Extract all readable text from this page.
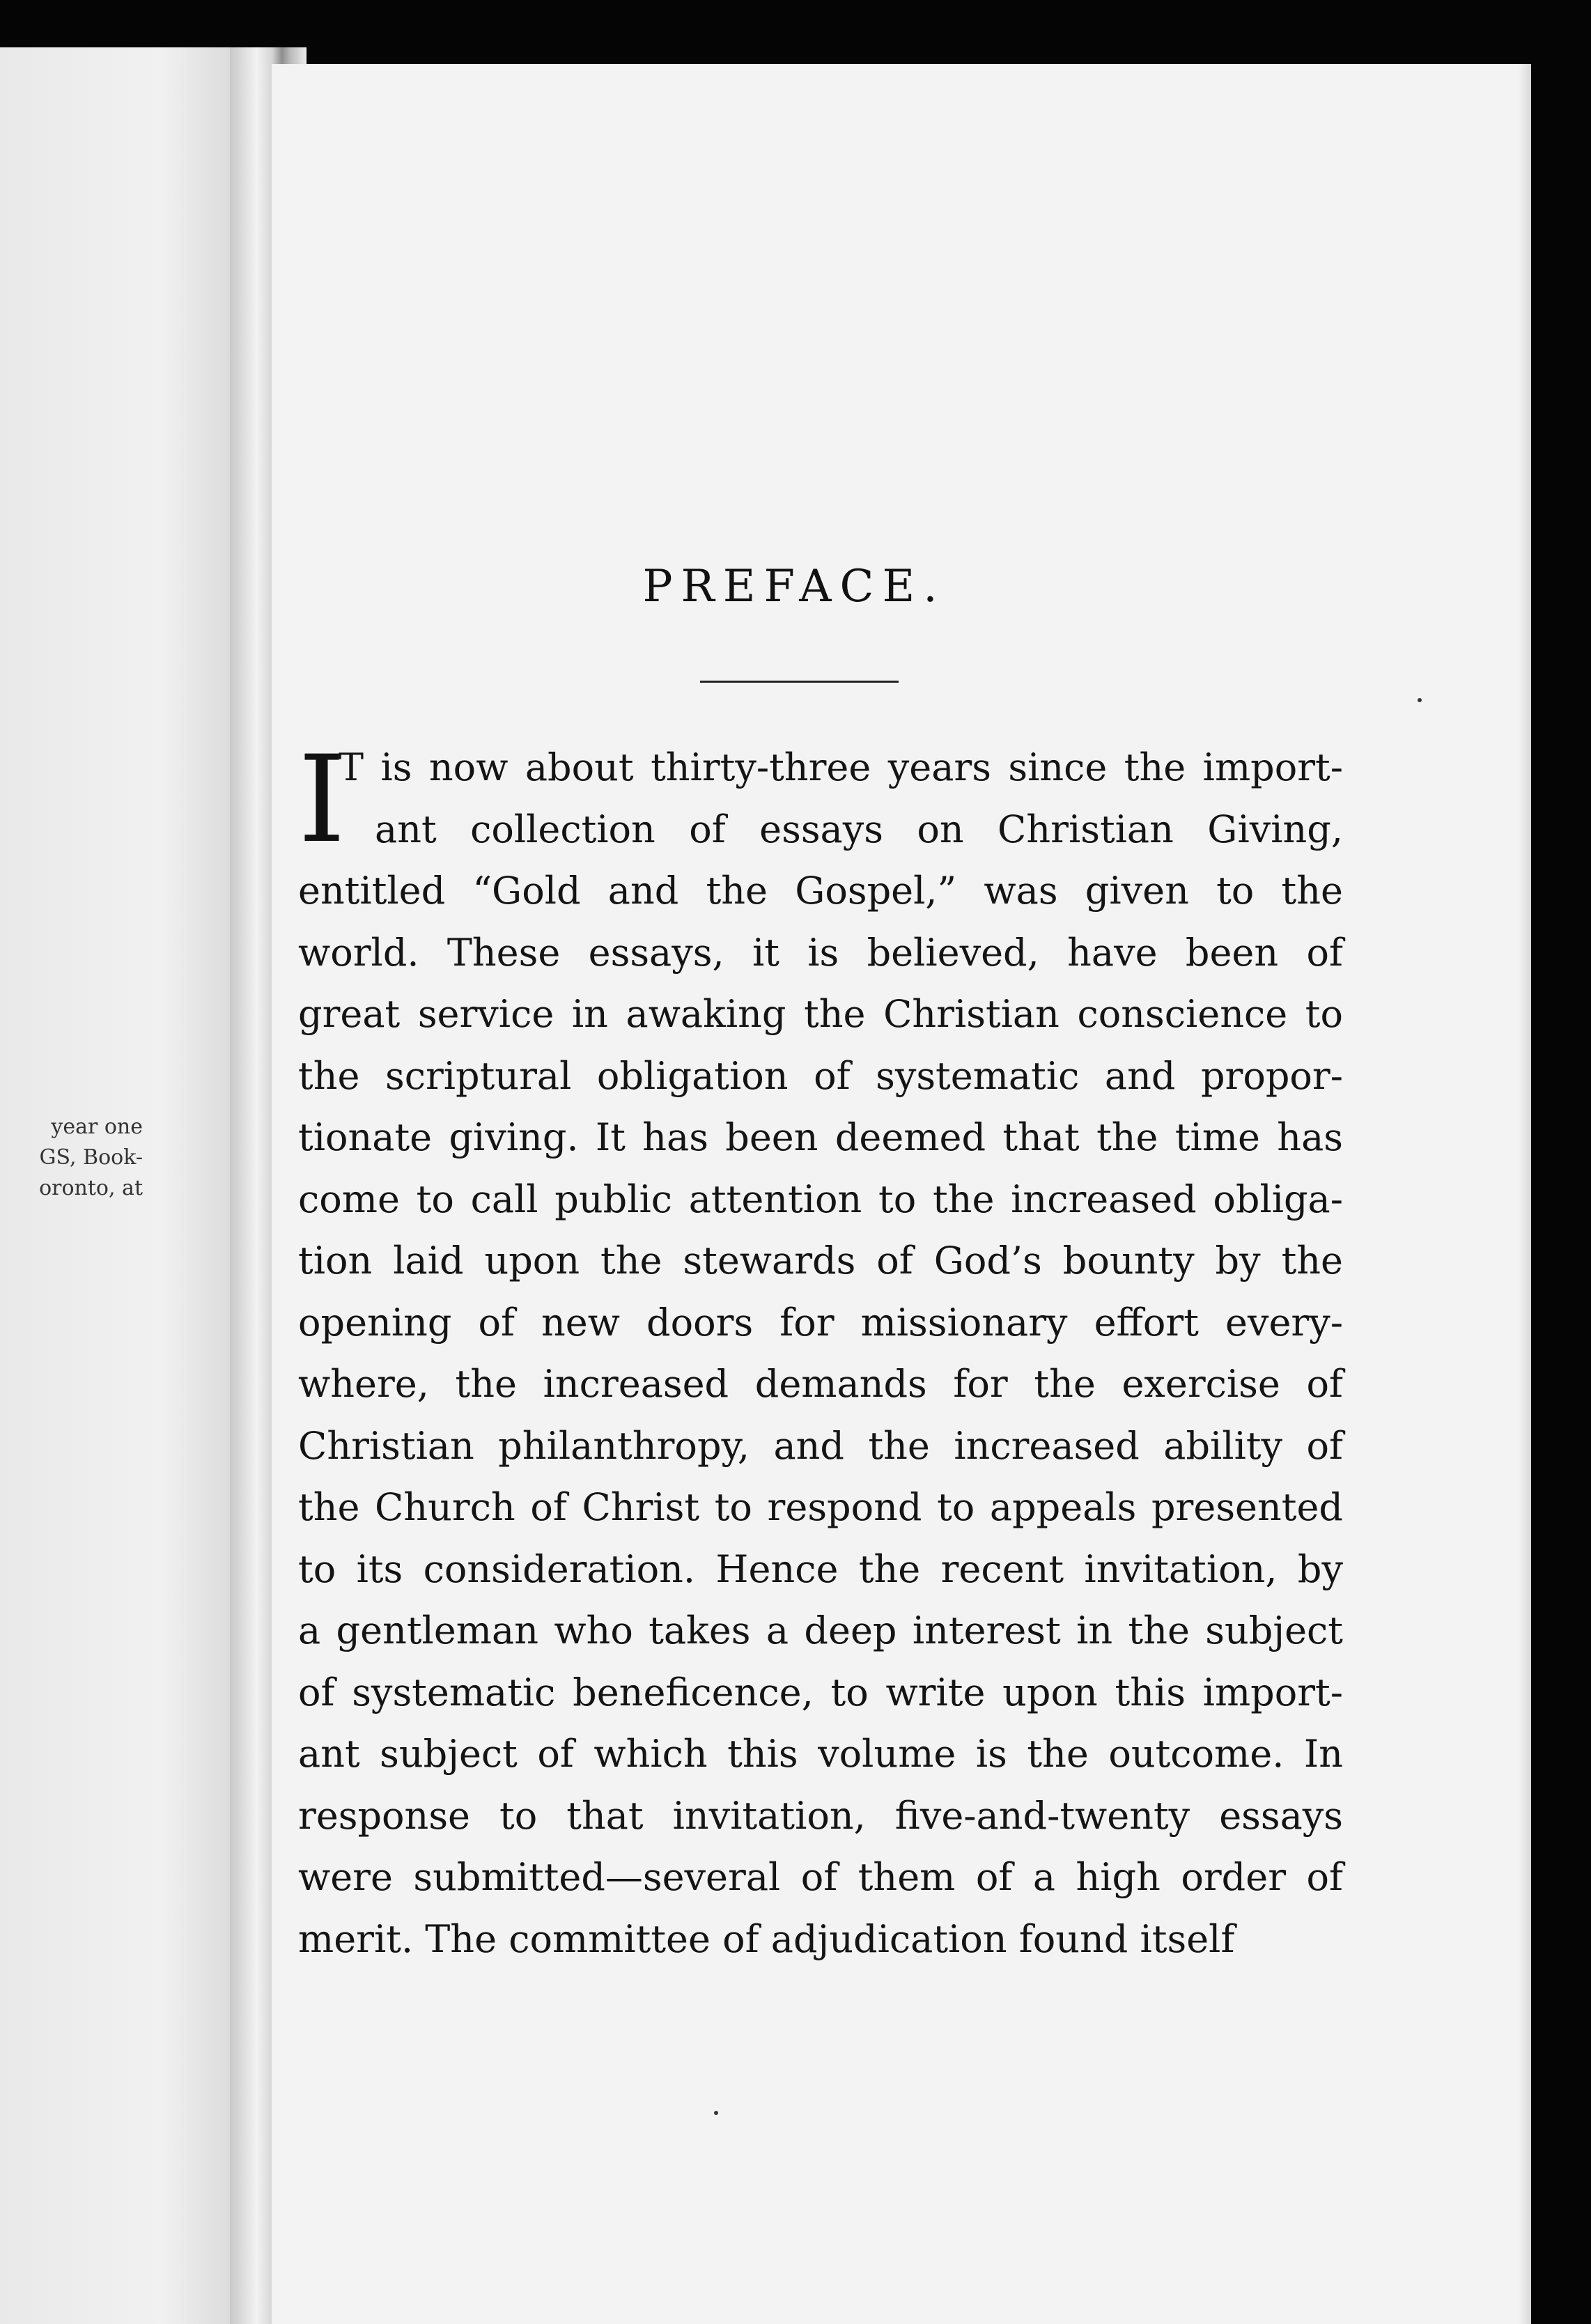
year one
GS, Book-
oronto, at
PREFACE.
I
T is now about thirty-three years since the import-
ant collection of essays on Christian Giving,
entitled “Gold and the Gospel,” was given to the
world. These essays, it is believed, have been of
great service in awaking the Christian conscience to
the scriptural obligation of systematic and propor-
tionate giving. It has been deemed that the time has
come to call public attention to the increased obliga-
tion laid upon the stewards of God’s bounty by the
opening of new doors for missionary effort every-
where, the increased demands for the exercise of
Christian philanthropy, and the increased ability of
the Church of Christ to respond to appeals presented
to its consideration. Hence the recent invitation, by
a gentleman who takes a deep interest in the subject
of systematic beneficence, to write upon this import-
ant subject of which this volume is the outcome. In
response to that invitation, five-and-twenty essays
were submitted—several of them of a high order of
merit. The committee of adjudication found itself
